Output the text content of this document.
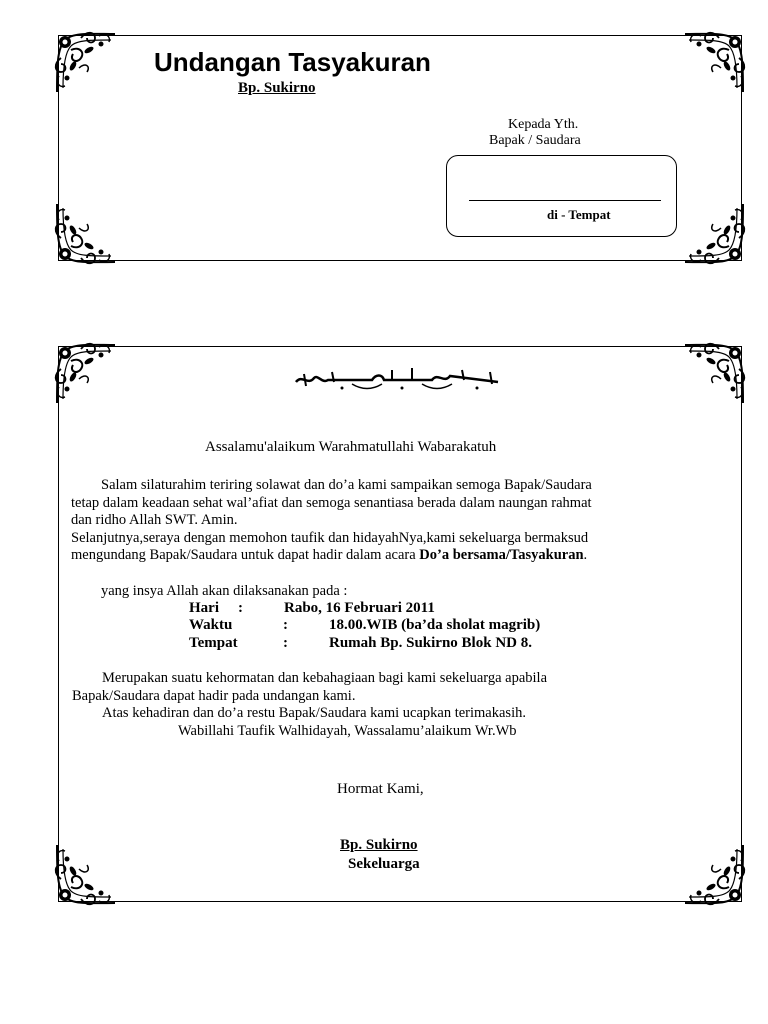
Undangan Tasyakuran
Bp. Sukirno
Kepada Yth.
Bapak / Saudara
di - Tempat
Assalamu'alaikum Warahmatullahi Wabarakatuh
Salam silaturahim teriring solawat dan do’a kami sampaikan semoga Bapak/Saudara
tetap dalam keadaan sehat wal’afiat dan semoga senantiasa berada dalam naungan rahmat
dan ridho Allah SWT. Amin.
Selanjutnya,seraya dengan memohon taufik dan hidayahNya,kami sekeluarga bermaksud
mengundang Bapak/Saudara untuk dapat hadir dalam acara Do’a bersama/Tasyakuran.
yang insya Allah akan dilaksanakan pada :
Hari :	Rabo, 16 Februari 2011
Waktu	:	18.00.WIB (ba’da sholat magrib)
Tempat	:	Rumah Bp. Sukirno Blok ND 8.
Merupakan suatu kehormatan dan kebahagiaan bagi kami sekeluarga apabila
Bapak/Saudara dapat hadir pada undangan kami.
Atas kehadiran dan do’a restu Bapak/Saudara kami ucapkan terimakasih.
Wabillahi Taufik Walhidayah, Wassalamu’alaikum Wr.Wb
Hormat Kami,
Bp. Sukirno
Sekeluarga
